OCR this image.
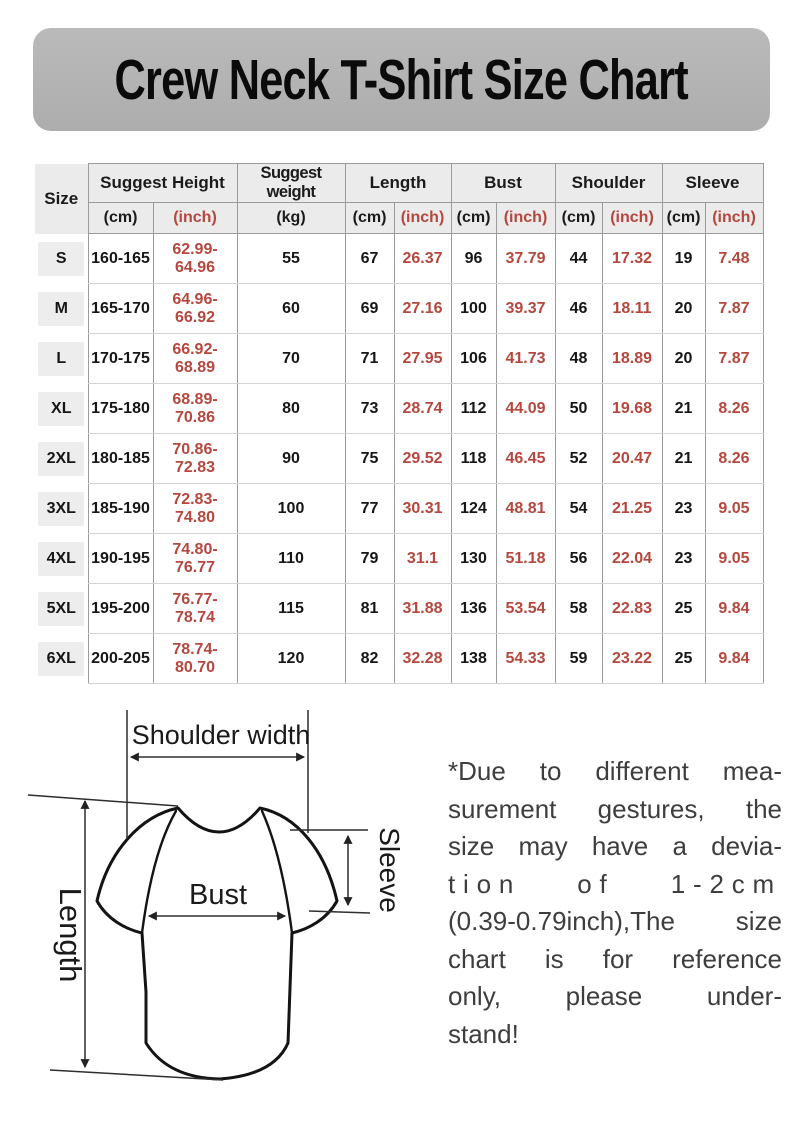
Crew Neck T-Shirt Size Chart
Size	Suggest Height		Suggest weight	Length		Bust		Shoulder		Sleeve	
	(cm)	(inch)	(kg)	(cm)	(inch)	(cm)	(inch)	(cm)	(inch)	(cm)	(inch)
S	160-165	62.99-64.96	55	67	26.37	96	37.79	44	17.32	19	7.48
M	165-170	64.96-66.92	60	69	27.16	100	39.37	46	18.11	20	7.87
L	170-175	66.92-68.89	70	71	27.95	106	41.73	48	18.89	20	7.87
XL	175-180	68.89-70.86	80	73	28.74	112	44.09	50	19.68	21	8.26
2XL	180-185	70.86-72.83	90	75	29.52	118	46.45	52	20.47	21	8.26
3XL	185-190	72.83-74.80	100	77	30.31	124	48.81	54	21.25	23	9.05
4XL	190-195	74.80-76.77	110	79	31.1	130	51.18	56	22.04	23	9.05
5XL	195-200	76.77-78.74	115	81	31.88	136	53.54	58	22.83	25	9.84
6XL	200-205	78.74-80.70	120	82	32.28	138	54.33	59	23.22	25	9.84
Shoulder width
Length	Bust	Sleeve
*Due to different mea-
surement gestures, the
size may have a devia-
tion of 1-2cm
(0.39-0.79inch),The size
chart is for reference
only, please under-
stand!
